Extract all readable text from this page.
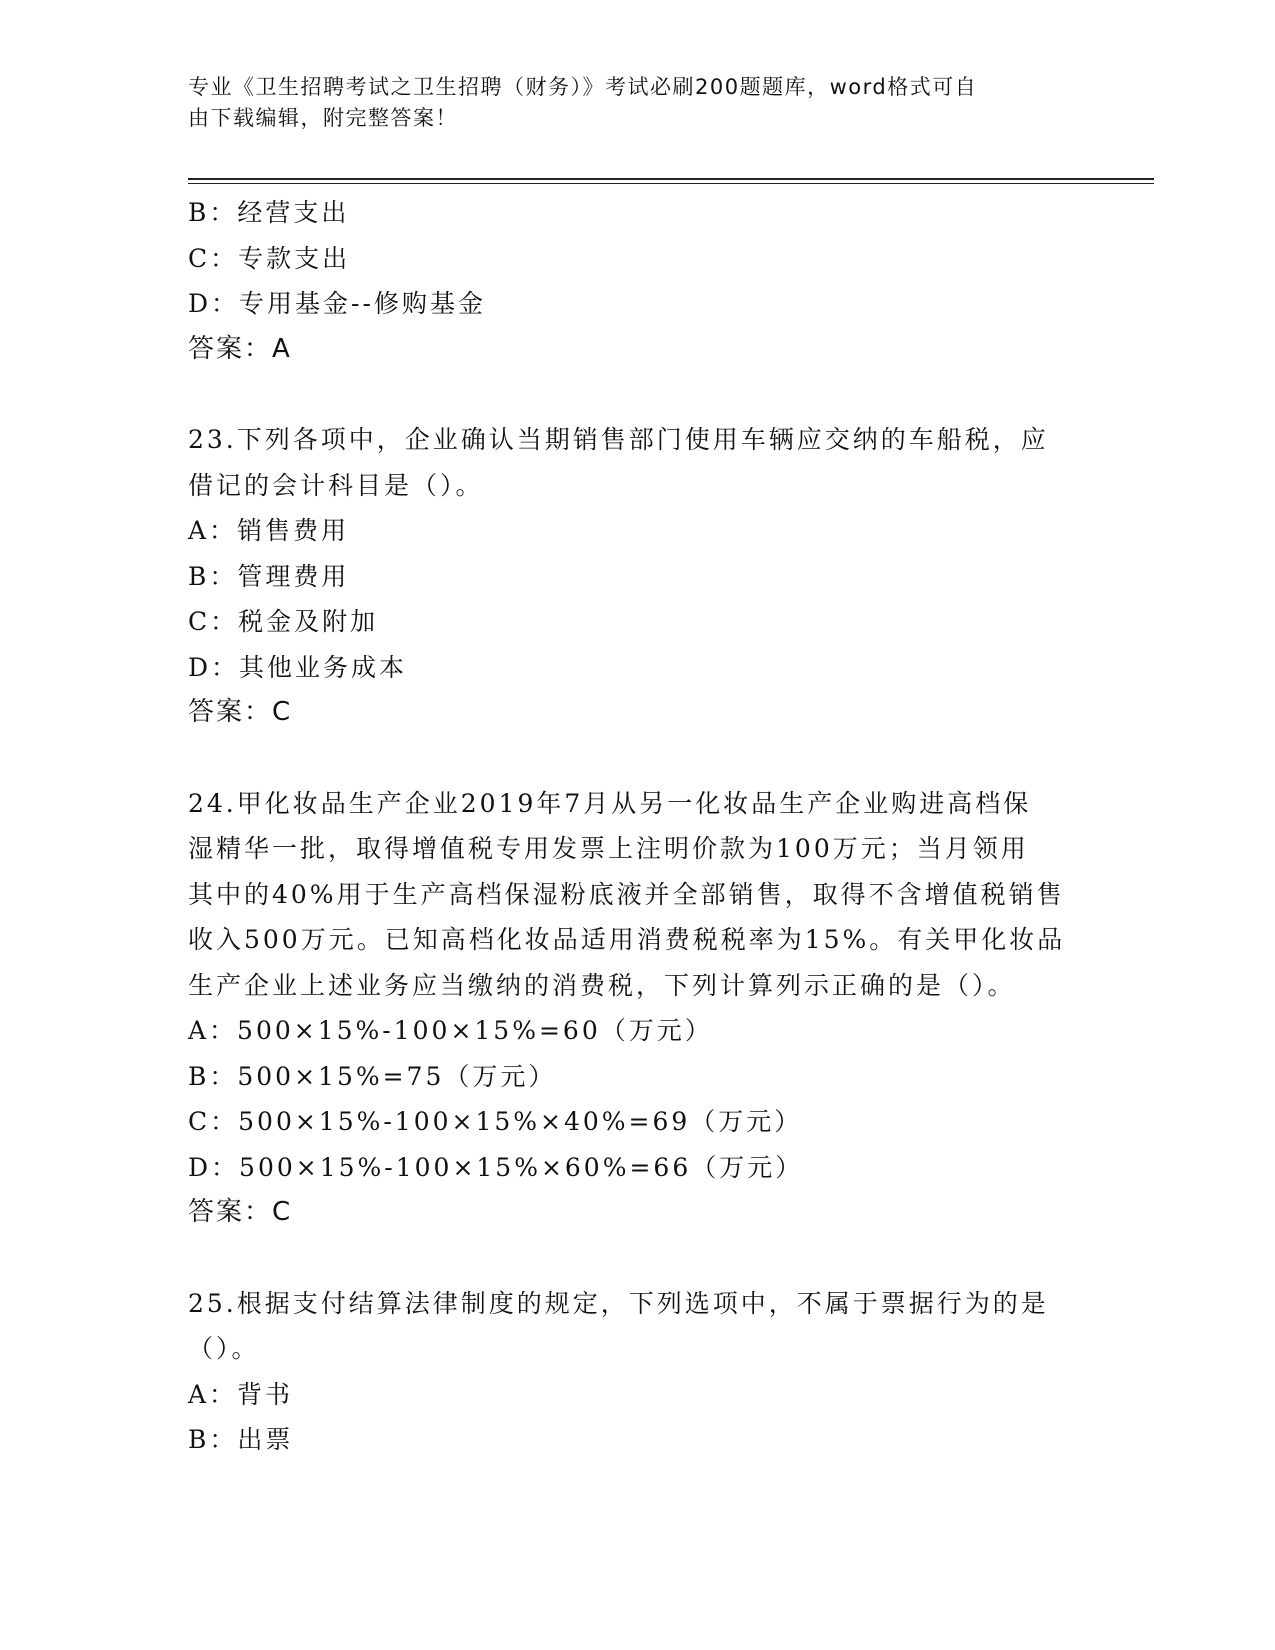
专业《卫生招聘考试之卫生招聘（财务）》考试必刷200题题库，word格式可自

由下载编辑，附完整答案！

B：经营支出

C：专款支出

D：专用基金--修购基金

答案：A

23.下列各项中，企业确认当期销售部门使用车辆应交纳的车船税，应

借记的会计科目是（）。

A：销售费用

B：管理费用

C：税金及附加

D：其他业务成本

答案：C

24.甲化妆品生产企业2019年7月从另一化妆品生产企业购进高档保

湿精华一批，取得增值税专用发票上注明价款为100万元；当月领用

其中的40%用于生产高档保湿粉底液并全部销售，取得不含增值税销售

收入500万元。已知高档化妆品适用消费税税率为15%。有关甲化妆品

生产企业上述业务应当缴纳的消费税，下列计算列示正确的是（）。

A：500×15%-100×15%=60（万元）

B：500×15%=75（万元）

C：500×15%-100×15%×40%=69（万元）

D：500×15%-100×15%×60%=66（万元）

答案：C

25.根据支付结算法律制度的规定，下列选项中，不属于票据行为的是

（）。

A：背书

B：出票
